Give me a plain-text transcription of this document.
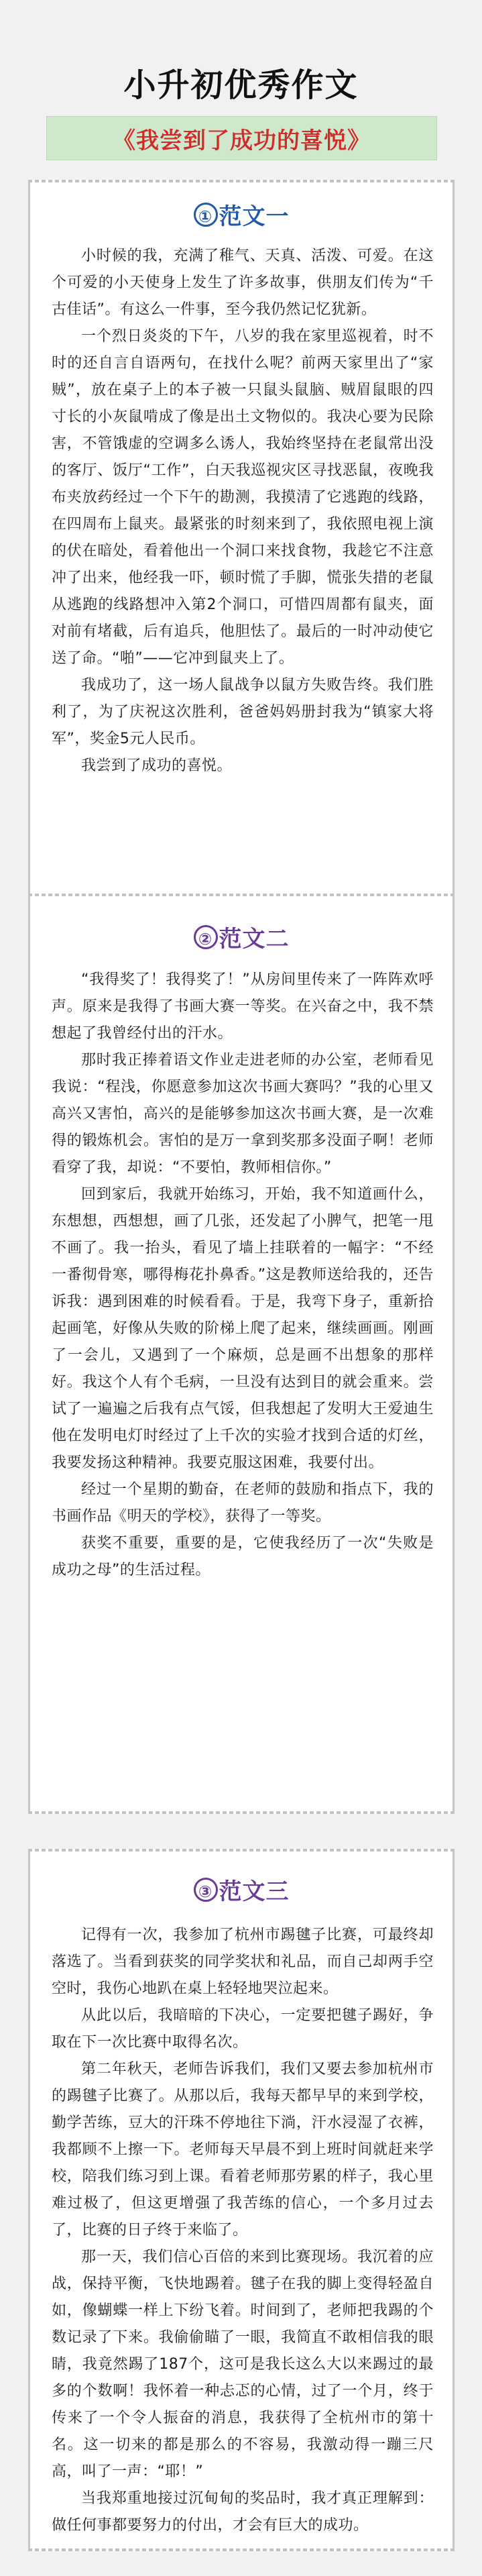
小升初优秀作文
《我尝到了成功的喜悦》
① 范文一

小时候的我，充满了稚气、天真、活泼、可爱。在这个可爱的小天使身上发生了许多故事，供朋友们传为“千古佳话”。有这么一件事，至今我仍然记忆犹新。

一个烈日炎炎的下午，八岁的我在家里巡视着，时不时的还自言自语两句，在找什么呢？前两天家里出了“家贼”，放在桌子上的本子被一只鼠头鼠脑、贼眉鼠眼的四寸长的小灰鼠啃成了像是出土文物似的。我决心要为民除害，不管饿虚的空调多么诱人，我始终坚持在老鼠常出没的客厅、饭厅“工作”，白天我巡视灾区寻找恶鼠，夜晚我布夹放药经过一个下午的勘测，我摸清了它逃跑的线路，在四周布上鼠夹。最紧张的时刻来到了，我依照电视上演的伏在暗处，看着他出一个洞口来找食物，我趁它不注意冲了出来，他经我一吓，顿时慌了手脚，慌张失措的老鼠从逃跑的线路想冲入第2个洞口，可惜四周都有鼠夹，面对前有堵截，后有追兵，他胆怯了。最后的一时冲动使它送了命。“啪”——它冲到鼠夹上了。

我成功了，这一场人鼠战争以鼠方失败告终。我们胜利了，为了庆祝这次胜利，爸爸妈妈册封我为“镇家大将军”，奖金5元人民币。

我尝到了成功的喜悦。

② 范文二

“我得奖了！我得奖了！”从房间里传来了一阵阵欢呼声。原来是我得了书画大赛一等奖。在兴奋之中，我不禁想起了我曾经付出的汗水。

那时我正捧着语文作业走进老师的办公室，老师看见我说：“程浅，你愿意参加这次书画大赛吗？”我的心里又高兴又害怕，高兴的是能够参加这次书画大赛，是一次难得的锻炼机会。害怕的是万一拿到奖那多没面子啊！老师看穿了我，却说：“不要怕，教师相信你。”

回到家后，我就开始练习，开始，我不知道画什么，东想想，西想想，画了几张，还发起了小脾气，把笔一甩不画了。我一抬头，看见了墙上挂联着的一幅字：“不经一番彻骨寒，哪得梅花扑鼻香。”这是教师送给我的，还告诉我：遇到困难的时候看看。于是，我弯下身子，重新拾起画笔，好像从失败的阶梯上爬了起来，继续画画。刚画了一会儿，又遇到了一个麻烦，总是画不出想象的那样好。我这个人有个毛病，一旦没有达到目的就会重来。尝试了一遍遍之后我有点气馁，但我想起了发明大王爱迪生他在发明电灯时经过了上千次的实验才找到合适的灯丝，我要发扬这种精神。我要克服这困难，我要付出。

经过一个星期的勤奋，在老师的鼓励和指点下，我的书画作品《明天的学校》，获得了一等奖。

获奖不重要，重要的是，它使我经历了一次“失败是成功之母”的生活过程。

③ 范文三

记得有一次，我参加了杭州市踢毽子比赛，可最终却落选了。当看到获奖的同学奖状和礼品，而自己却两手空空时，我伤心地趴在桌上轻轻地哭泣起来。

从此以后，我暗暗的下决心，一定要把毽子踢好，争取在下一次比赛中取得名次。

第二年秋天，老师告诉我们，我们又要去参加杭州市的踢毽子比赛了。从那以后，我每天都早早的来到学校，勤学苦练，豆大的汗珠不停地往下淌，汗水浸湿了衣裤，我都顾不上擦一下。老师每天早晨不到上班时间就赶来学校，陪我们练习到上课。看着老师那劳累的样子，我心里难过极了，但这更增强了我苦练的信心，一个多月过去了，比赛的日子终于来临了。

那一天，我们信心百倍的来到比赛现场。我沉着的应战，保持平衡，飞快地踢着。毽子在我的脚上变得轻盈自如，像蝴蝶一样上下纷飞着。时间到了，老师把我踢的个数记录了下来。我偷偷瞄了一眼，我简直不敢相信我的眼睛，我竟然踢了187个，这可是我长这么大以来踢过的最多的个数啊！我怀着一种忐忑的心情，过了一个月，终于传来了一个令人振奋的消息，我获得了全杭州市的第十名。这一切来的都是那么的不容易，我激动得一蹦三尺高，叫了一声：“耶！”

当我郑重地接过沉甸甸的奖品时，我才真正理解到：做任何事都要努力的付出，才会有巨大的成功。
